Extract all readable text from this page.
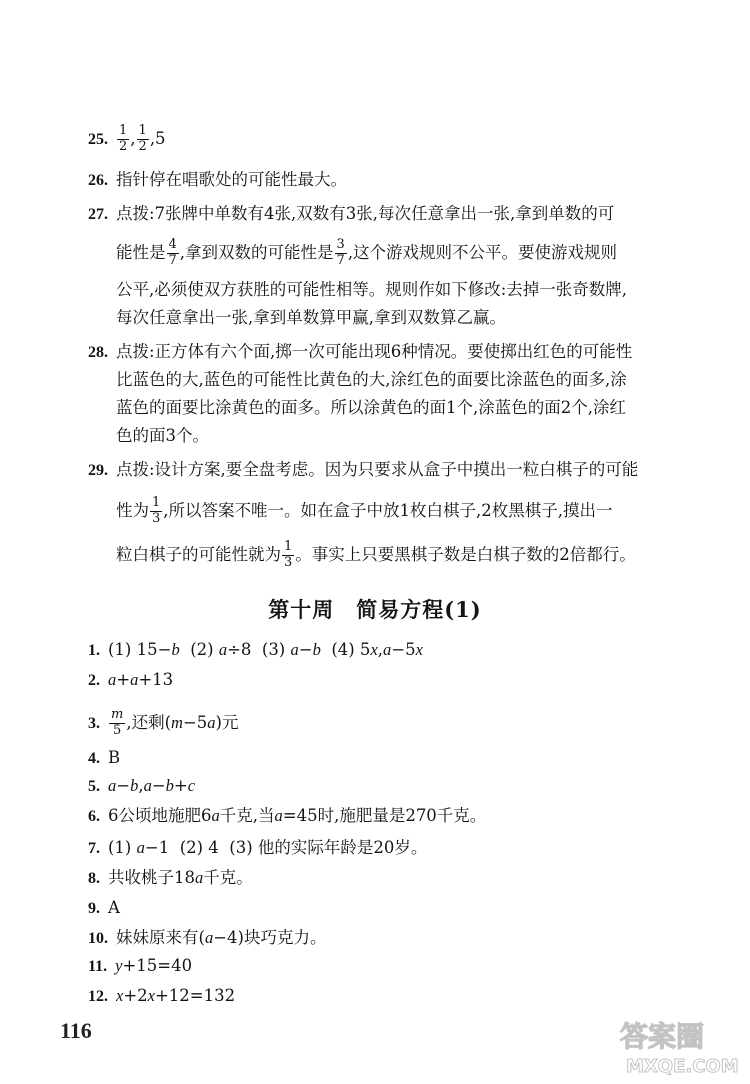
25. $\frac{1}{2}$ , $\frac{1}{2} ,5$
26. 指针停在唱歌处的可能性最大。
27. 点拨:7张牌中单数有4张,双数有3张,每次任意拿出一张,拿到单数的可
能性是 $\frac{4}{7}$ ,拿到双数的可能性是 $\frac{3}{7}$ ,这个游戏规则不公平。要使游戏规则
公平,必须使双方获胜的可能性相等。规则作如下修改:去掉一张奇数牌,
每次任意拿出一张,拿到单数算甲赢,拿到双数算乙赢。
28. 点拨:正方体有六个面,掷一次可能出现6种情况。要使掷出红色的可能性
比蓝色的大,蓝色的可能性比黄色的大,涂红色的面要比涂蓝色的面多,涂
蓝色的面要比涂黄色的面多。所以涂黄色的面1个,涂蓝色的面2个,涂红
色的面3个。
29. 点拨:设计方案,要全盘考虑。因为只要求从盒子中摸出一粒白棋子的可能
性为 $\frac{1}{3}$ ,所以答案不唯一。如在盒子中放1枚白棋子,2枚黑棋子,摸出一
粒白棋子的可能性就为 $\frac{1}{3}$ 。事实上只要黑棋子数是白棋子数的2倍都行。
第十周 简易方程(1)
1. (1) 15−b  (2) a÷8  (3) a−b  (4) 5x,a−5x
2. a+a+13
3. $\frac{m}{5}$ ,还剩(m−5a)元
4. B
5. a−b,a−b+c
6. 6公顷地施肥6a千克,当a=45时,施肥量是270千克。
7. (1) a−1  (2) 4  (3) 他的实际年龄是20岁。
8. 共收桃子18a千克。
9. A
10. 妹妹原来有(a−4)块巧克力。
11. y+15=40
12. x+2x+12=132
116	答案圈
MXQE.COM
